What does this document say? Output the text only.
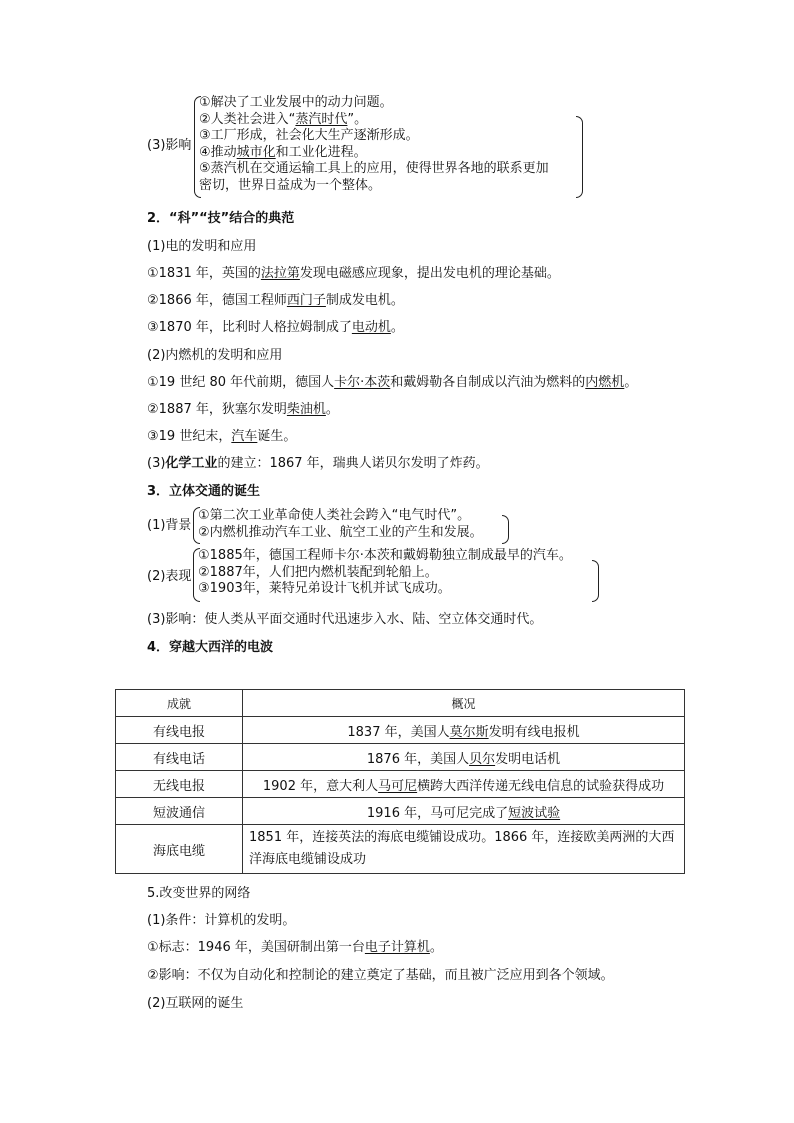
(3)影响
①解决了工业发展中的动力问题。
②人类社会进入“蒸汽时代”。
③工厂形成，社会化大生产逐渐形成。
④推动城市化和工业化进程。
⑤蒸汽机在交通运输工具上的应用，使得世界各地的联系更加
密切，世界日益成为一个整体。
2．“科”“技”结合的典范
(1)电的发明和应用
①1831 年，英国的法拉第发现电磁感应现象，提出发电机的理论基础。
②1866 年，德国工程师西门子制成发电机。
③1870 年，比利时人格拉姆制成了电动机。
(2)内燃机的发明和应用
①19 世纪 80 年代前期，德国人卡尔·本茨和戴姆勒各自制成以汽油为燃料的内燃机。
②1887 年，狄塞尔发明柴油机。
③19 世纪末，汽车诞生。
(3)化学工业的建立：1867 年，瑞典人诺贝尔发明了炸药。
3．立体交通的诞生
(1)背景
①第二次工业革命使人类社会跨入“电气时代”。
②内燃机推动汽车工业、航空工业的产生和发展。
(2)表现
①1885年，德国工程师卡尔·本茨和戴姆勒独立制成最早的汽车。
②1887年，人们把内燃机装配到轮船上。
③1903年，莱特兄弟设计飞机并试飞成功。
(3)影响：使人类从平面交通时代迅速步入水、陆、空立体交通时代。
4．穿越大西洋的电波
成就	概况
有线电报	1837 年，美国人莫尔斯发明有线电报机
有线电话	1876 年，美国人贝尔发明电话机
无线电报	1902 年，意大利人马可尼横跨大西洋传递无线电信息的试验获得成功
短波通信	1916 年，马可尼完成了短波试验
海底电缆	1851 年，连接英法的海底电缆铺设成功。1866 年，连接欧美两洲的大西洋海底电缆铺设成功
5.改变世界的网络
(1)条件：计算机的发明。
①标志：1946 年，美国研制出第一台电子计算机。
②影响：不仅为自动化和控制论的建立奠定了基础，而且被广泛应用到各个领域。
(2)互联网的诞生
